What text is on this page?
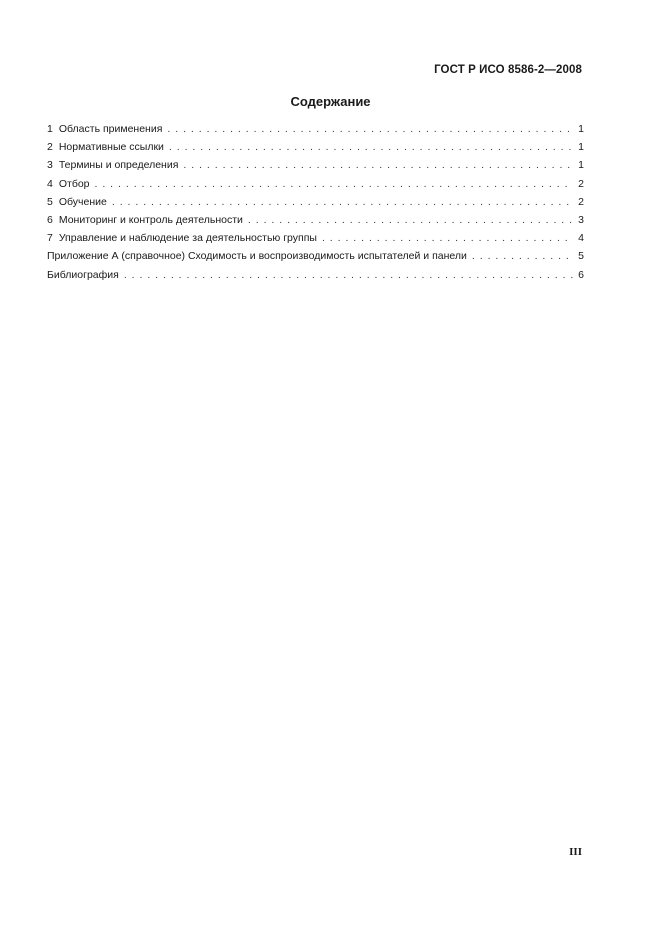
ГОСТ Р ИСО 8586-2—2008
Содержание
1 Область применения . . .	1
2 Нормативные ссылки . . .	1
3 Термины и определения . . .	1
4 Отбор . . .	2
5 Обучение . . .	2
6 Мониторинг и контроль деятельности . . .	3
7 Управление и наблюдение за деятельностью группы . . .	4
Приложение А (справочное) Сходимость и воспроизводимость испытателей и панели . . .	5
Библиография . . .	6
III
